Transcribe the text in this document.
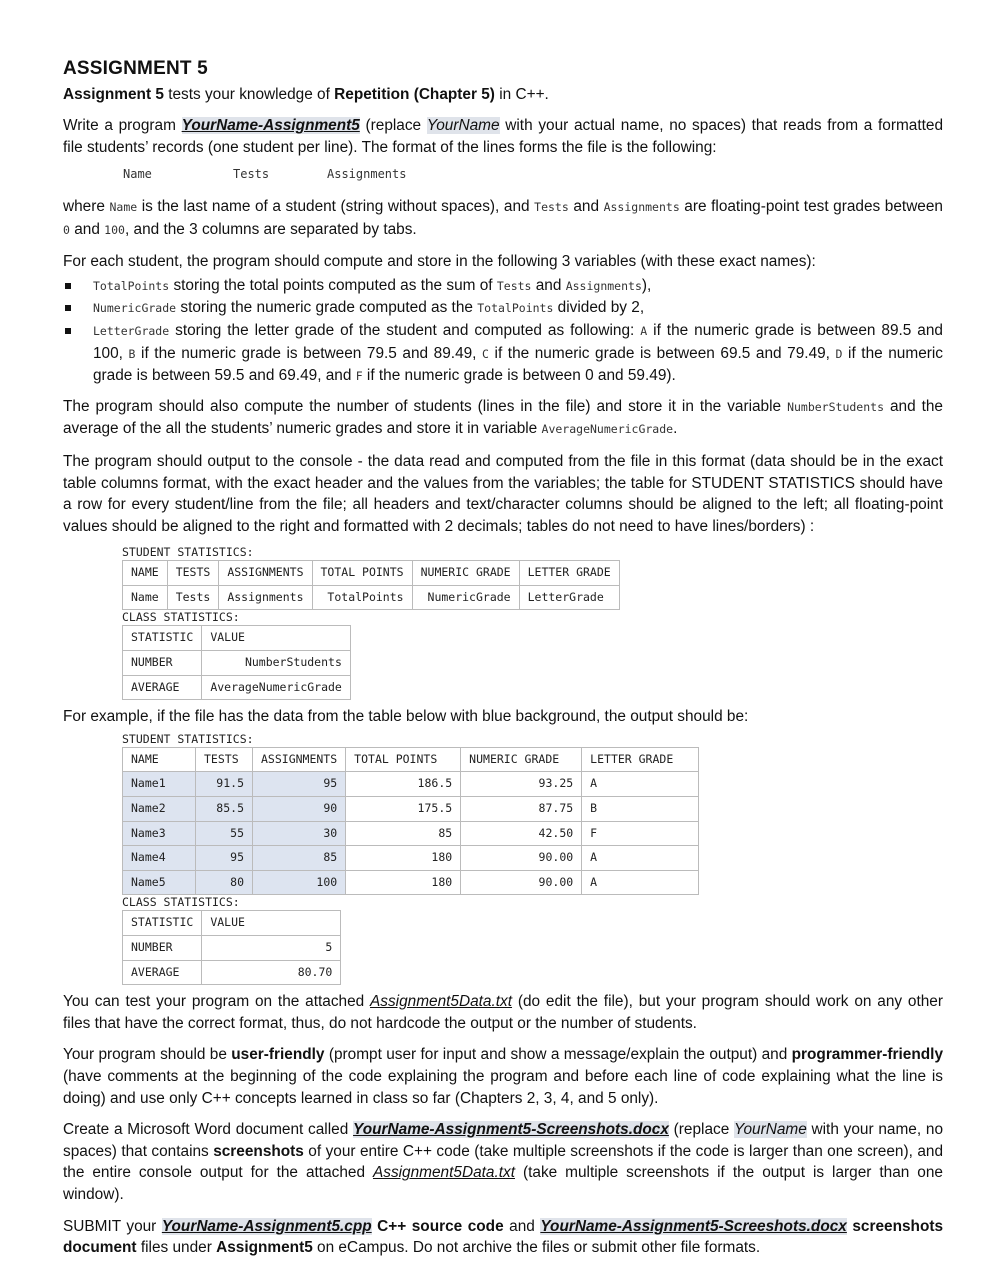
ASSIGNMENT 5

Assignment 5 tests your knowledge of Repetition (Chapter 5) in C++.

Write a program YourName-Assignment5 (replace YourName with your actual name, no spaces) that reads from a formatted file students’ records (one student per line). The format of the lines forms the file is the following:

Name	Tests	Assignments

where Name is the last name of a student (string without spaces), and Tests and Assignments are floating-point test grades between 0 and 100, and the 3 columns are separated by tabs.

For each student, the program should compute and store in the following 3 variables (with these exact names):

TotalPoints storing the total points computed as the sum of Tests and Assignments),
NumericGrade storing the numeric grade computed as the TotalPoints divided by 2,
LetterGrade storing the letter grade of the student and computed as following: A if the numeric grade is between 89.5 and 100, B if the numeric grade is between 79.5 and 89.49, C if the numeric grade is between 69.5 and 79.49, D if the numeric grade is between 59.5 and 69.49, and F if the numeric grade is between 0 and 59.49).

The program should also compute the number of students (lines in the file) and store it in the variable NumberStudents and the average of the all the students’ numeric grades and store it in variable AverageNumericGrade.

The program should output to the console - the data read and computed from the file in this format (data should be in the exact table columns format, with the exact header and the values from the variables; the table for STUDENT STATISTICS should have a row for every student/line from the file; all headers and text/character columns should be aligned to the left; all floating-point values should be aligned to the right and formatted with 2 decimals; tables do not need to have lines/borders) :

STUDENT STATISTICS:
NAME	TESTS	ASSIGNMENTS	TOTAL POINTS	NUMERIC GRADE	LETTER GRADE
Name	Tests	Assignments	TotalPoints	NumericGrade	LetterGrade
CLASS STATISTICS:
STATISTIC	VALUE
NUMBER	NumberStudents
AVERAGE	AverageNumericGrade

For example, if the file has the data from the table below with blue background, the output should be:

STUDENT STATISTICS:
NAME	TESTS	ASSIGNMENTS	TOTAL POINTS	NUMERIC GRADE	LETTER GRADE
Name1	91.5	95	186.5	93.25	A
Name2	85.5	90	175.5	87.75	B
Name3	55	30	85	42.50	F
Name4	95	85	180	90.00	A
Name5	80	100	180	90.00	A
CLASS STATISTICS:
STATISTIC	VALUE
NUMBER	5
AVERAGE	80.70

You can test your program on the attached Assignment5Data.txt (do edit the file), but your program should work on any other files that have the correct format, thus, do not hardcode the output or the number of students.

Your program should be user-friendly (prompt user for input and show a message/explain the output) and programmer-friendly (have comments at the beginning of the code explaining the program and before each line of code explaining what the line is doing) and use only C++ concepts learned in class so far (Chapters 2, 3, 4, and 5 only).

Create a Microsoft Word document called YourName-Assignment5-Screenshots.docx (replace YourName with your name, no spaces) that contains screenshots of your entire C++ code (take multiple screenshots if the code is larger than one screen), and the entire console output for the attached Assignment5Data.txt (take multiple screenshots if the output is larger than one window).

SUBMIT your YourName-Assignment5.cpp C++ source code and YourName-Assignment5-Screeshots.docx screenshots document files under Assignment5 on eCampus. Do not archive the files or submit other file formats.
